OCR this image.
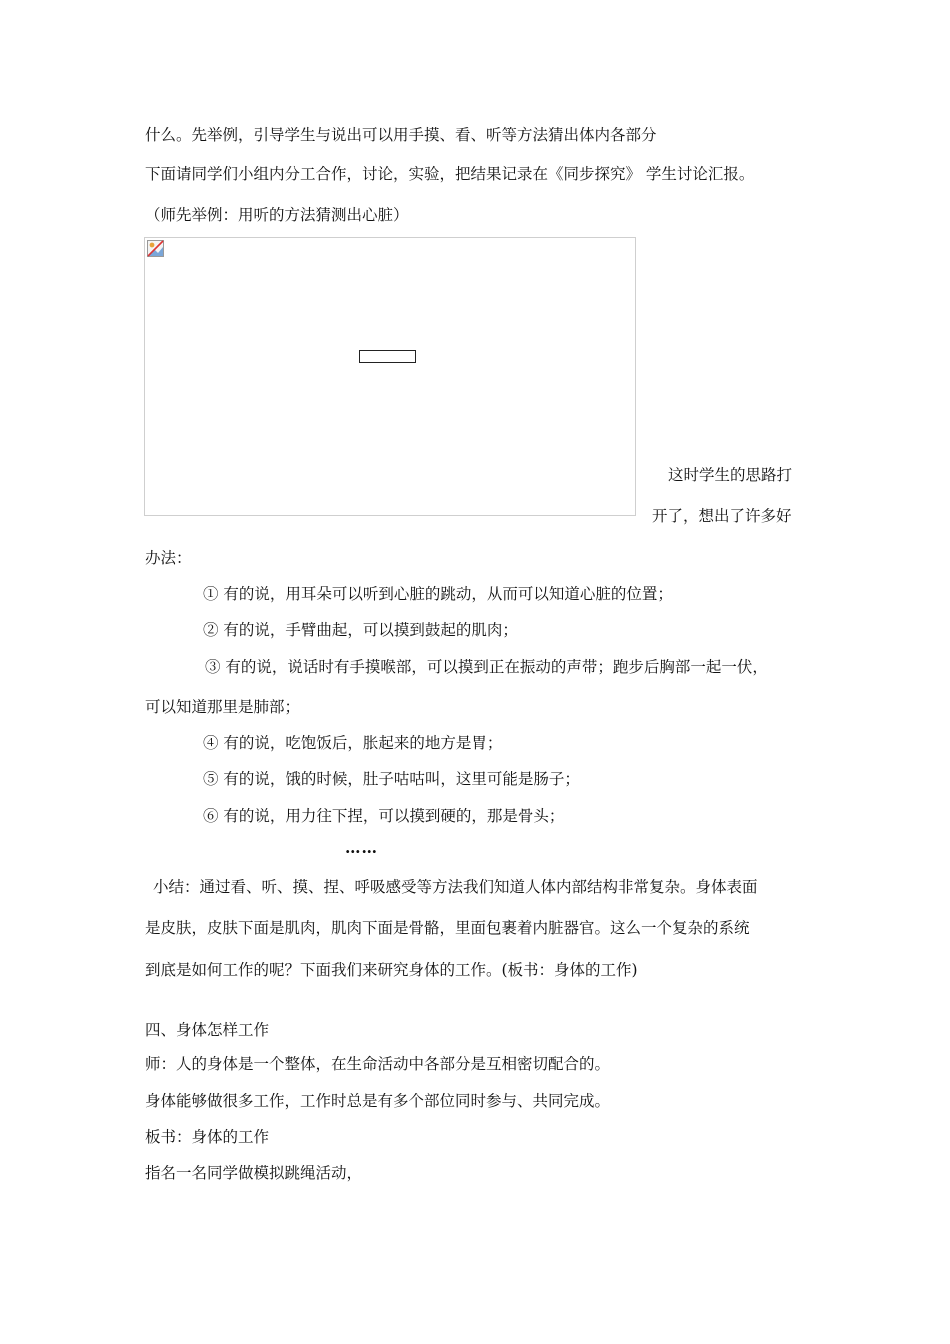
什么。先举例，引导学生与说出可以用手摸、看、听等方法猜出体内各部分
下面请同学们小组内分工合作，讨论，实验，把结果记录在《同步探究》 学生讨论汇报。
（师先举例：用听的方法猜测出心脏）
这时学生的思路打
开了，想出了许多好
办法：
① 有的说，用耳朵可以听到心脏的跳动，从而可以知道心脏的位置；
② 有的说，手臂曲起，可以摸到鼓起的肌肉；
③ 有的说，说话时有手摸喉部，可以摸到正在振动的声带；跑步后胸部一起一伏，
可以知道那里是肺部；
④ 有的说，吃饱饭后，胀起来的地方是胃；
⑤ 有的说，饿的时候，肚子咕咕叫，这里可能是肠子；
⑥ 有的说，用力往下捏，可以摸到硬的，那是骨头；
……
小结：通过看、听、摸、捏、呼吸感受等方法我们知道人体内部结构非常复杂。身体表面
是皮肤，皮肤下面是肌肉，肌肉下面是骨骼，里面包裹着内脏器官。这么一个复杂的系统
到底是如何工作的呢？下面我们来研究身体的工作。(板书：身体的工作)
四、身体怎样工作
师：人的身体是一个整体，在生命活动中各部分是互相密切配合的。
身体能够做很多工作，工作时总是有多个部位同时参与、共同完成。
板书：身体的工作
指名一名同学做模拟跳绳活动，
